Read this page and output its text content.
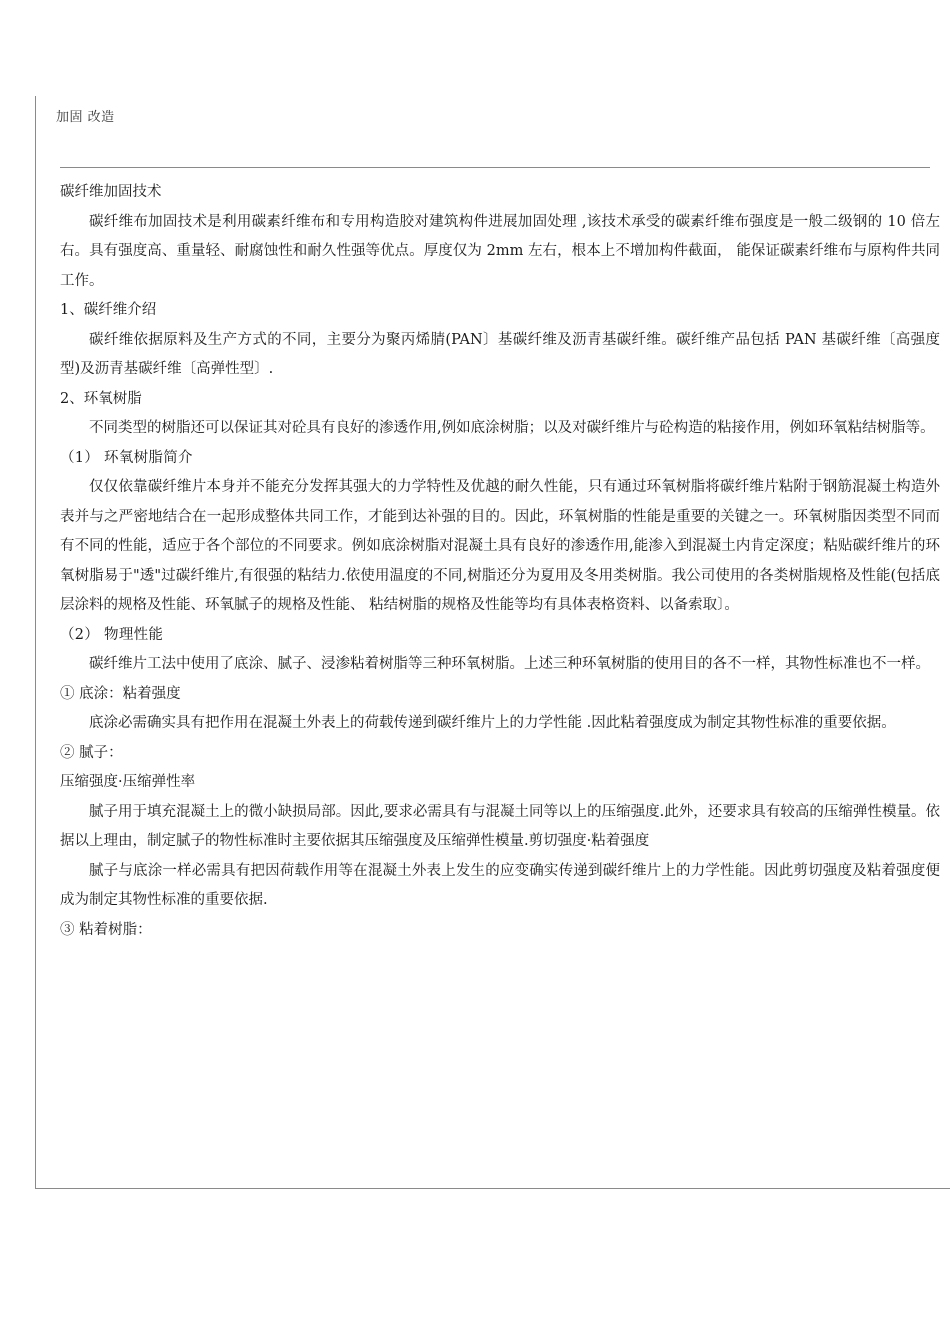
加固 改造

碳纤维加固技术

碳纤维布加固技术是利用碳素纤维布和专用构造胶对建筑构件进展加固处理 ,该技术承受的碳素纤维布强度是一般二级钢的 10 倍左右。具有强度高、重量轻、耐腐蚀性和耐久性强等优点。厚度仅为 2mm 左右，根本上不增加构件截面， 能保证碳素纤维布与原构件共同工作。

1、碳纤维介绍

碳纤维依据原料及生产方式的不同，主要分为聚丙烯腈(PAN〕基碳纤维及沥青基碳纤维。碳纤维产品包括 PAN 基碳纤维〔高强度型)及沥青基碳纤维〔高弹性型〕.

2、环氧树脂

不同类型的树脂还可以保证其对砼具有良好的渗透作用,例如底涂树脂；以及对碳纤维片与砼构造的粘接作用，例如环氧粘结树脂等。

（1） 环氧树脂简介

仅仅依靠碳纤维片本身并不能充分发挥其强大的力学特性及优越的耐久性能，只有通过环氧树脂将碳纤维片粘附于钢筋混凝土构造外表并与之严密地结合在一起形成整体共同工作，才能到达补强的目的。因此，环氧树脂的性能是重要的关键之一。环氧树脂因类型不同而有不同的性能，适应于各个部位的不同要求。例如底涂树脂对混凝土具有良好的渗透作用,能渗入到混凝土内肯定深度；粘贴碳纤维片的环氧树脂易于"透"过碳纤维片,有很强的粘结力.依使用温度的不同,树脂还分为夏用及冬用类树脂。我公司使用的各类树脂规格及性能(包括底层涂料的规格及性能、环氧腻子的规格及性能、 粘结树脂的规格及性能等均有具体表格资料、以备索取〕。

（2） 物理性能

碳纤维片工法中使用了底涂、腻子、浸渗粘着树脂等三种环氧树脂。上述三种环氧树脂的使用目的各不一样，其物性标准也不一样。

① 底涂：粘着强度

底涂必需确实具有把作用在混凝土外表上的荷载传递到碳纤维片上的力学性能 .因此粘着强度成为制定其物性标准的重要依据。

② 腻子：

压缩强度·压缩弹性率

腻子用于填充混凝土上的微小缺损局部。因此,要求必需具有与混凝土同等以上的压缩强度.此外，还要求具有较高的压缩弹性模量。依据以上理由，制定腻子的物性标准时主要依据其压缩强度及压缩弹性模量.剪切强度·粘着强度

腻子与底涂一样必需具有把因荷载作用等在混凝土外表上发生的应变确实传递到碳纤维片上的力学性能。因此剪切强度及粘着强度便成为制定其物性标准的重要依据.

③ 粘着树脂：
